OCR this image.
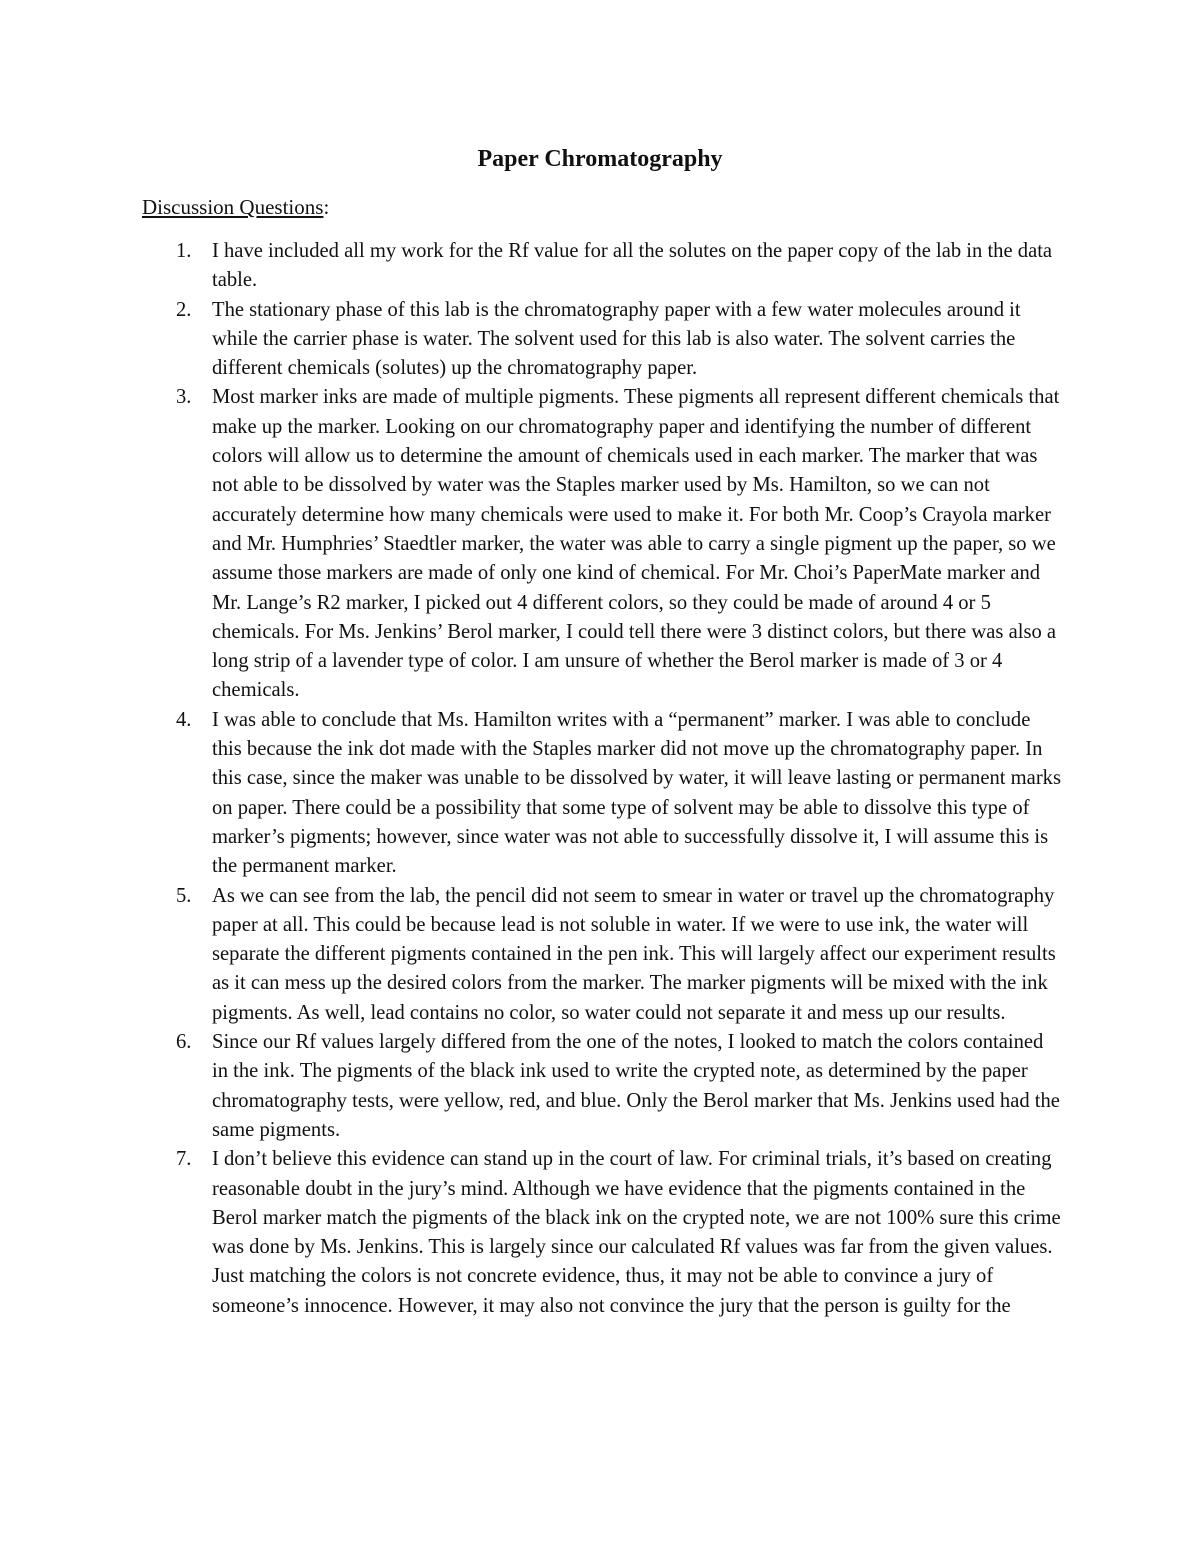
Paper Chromatography

Discussion Questions:

1. I have included all my work for the Rf value for all the solutes on the paper copy of the lab in the data table.
2. The stationary phase of this lab is the chromatography paper with a few water molecules around it while the carrier phase is water. The solvent used for this lab is also water. The solvent carries the different chemicals (solutes) up the chromatography paper.
3. Most marker inks are made of multiple pigments. These pigments all represent different chemicals that make up the marker. Looking on our chromatography paper and identifying the number of different colors will allow us to determine the amount of chemicals used in each marker. The marker that was not able to be dissolved by water was the Staples marker used by Ms. Hamilton, so we can not accurately determine how many chemicals were used to make it. For both Mr. Coop’s Crayola marker and Mr. Humphries’ Staedtler marker, the water was able to carry a single pigment up the paper, so we assume those markers are made of only one kind of chemical. For Mr. Choi’s PaperMate marker and Mr. Lange’s R2 marker, I picked out 4 different colors, so they could be made of around 4 or 5 chemicals. For Ms. Jenkins’ Berol marker, I could tell there were 3 distinct colors, but there was also a long strip of a lavender type of color. I am unsure of whether the Berol marker is made of 3 or 4 chemicals.
4. I was able to conclude that Ms. Hamilton writes with a “permanent” marker. I was able to conclude this because the ink dot made with the Staples marker did not move up the chromatography paper. In this case, since the maker was unable to be dissolved by water, it will leave lasting or permanent marks on paper. There could be a possibility that some type of solvent may be able to dissolve this type of marker’s pigments; however, since water was not able to successfully dissolve it, I will assume this is the permanent marker.
5. As we can see from the lab, the pencil did not seem to smear in water or travel up the chromatography paper at all. This could be because lead is not soluble in water. If we were to use ink, the water will separate the different pigments contained in the pen ink. This will largely affect our experiment results as it can mess up the desired colors from the marker. The marker pigments will be mixed with the ink pigments. As well, lead contains no color, so water could not separate it and mess up our results.
6. Since our Rf values largely differed from the one of the notes, I looked to match the colors contained in the ink. The pigments of the black ink used to write the crypted note, as determined by the paper chromatography tests, were yellow, red, and blue. Only the Berol marker that Ms. Jenkins used had the same pigments.
7. I don’t believe this evidence can stand up in the court of law. For criminal trials, it’s based on creating reasonable doubt in the jury’s mind. Although we have evidence that the pigments contained in the Berol marker match the pigments of the black ink on the crypted note, we are not 100% sure this crime was done by Ms. Jenkins. This is largely since our calculated Rf values was far from the given values. Just matching the colors is not concrete evidence, thus, it may not be able to convince a jury of someone’s innocence. However, it may also not convince the jury that the person is guilty for the
